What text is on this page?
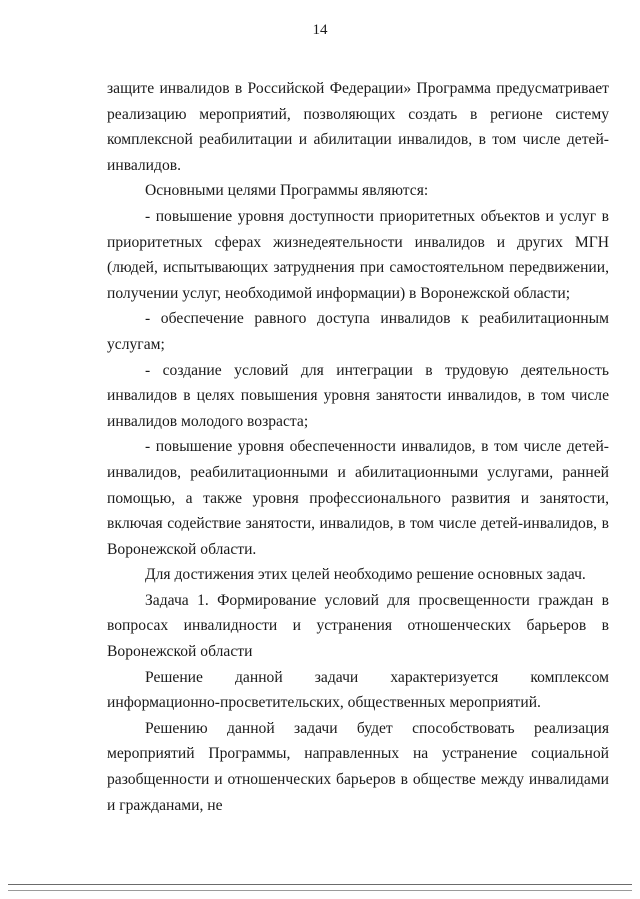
14

защите инвалидов в Российской Федерации» Программа предусматривает реализацию мероприятий, позволяющих создать в регионе систему комплексной реабилитации и абилитации инвалидов, в том числе детей-инвалидов.

Основными целями Программы являются:

- повышение уровня доступности приоритетных объектов и услуг в приоритетных сферах жизнедеятельности инвалидов и других МГН (людей, испытывающих затруднения при самостоятельном передвижении, получении услуг, необходимой информации) в Воронежской области;

- обеспечение равного доступа инвалидов к реабилитационным услугам;

- создание условий для интеграции в трудовую деятельность инвалидов в целях повышения уровня занятости инвалидов, в том числе инвалидов молодого возраста;

- повышение уровня обеспеченности инвалидов, в том числе детей-инвалидов, реабилитационными и абилитационными услугами, ранней помощью, а также уровня профессионального развития и занятости, включая содействие занятости, инвалидов, в том числе детей-инвалидов, в Воронежской области.

Для достижения этих целей необходимо решение основных задач.

Задача 1. Формирование условий для просвещенности граждан в вопросах инвалидности и устранения отношенческих барьеров в Воронежской области

Решение данной задачи характеризуется комплексом информационно-просветительских, общественных мероприятий.

Решению данной задачи будет способствовать реализация мероприятий Программы, направленных на устранение социальной разобщенности и отношенческих барьеров в обществе между инвалидами и гражданами, не
